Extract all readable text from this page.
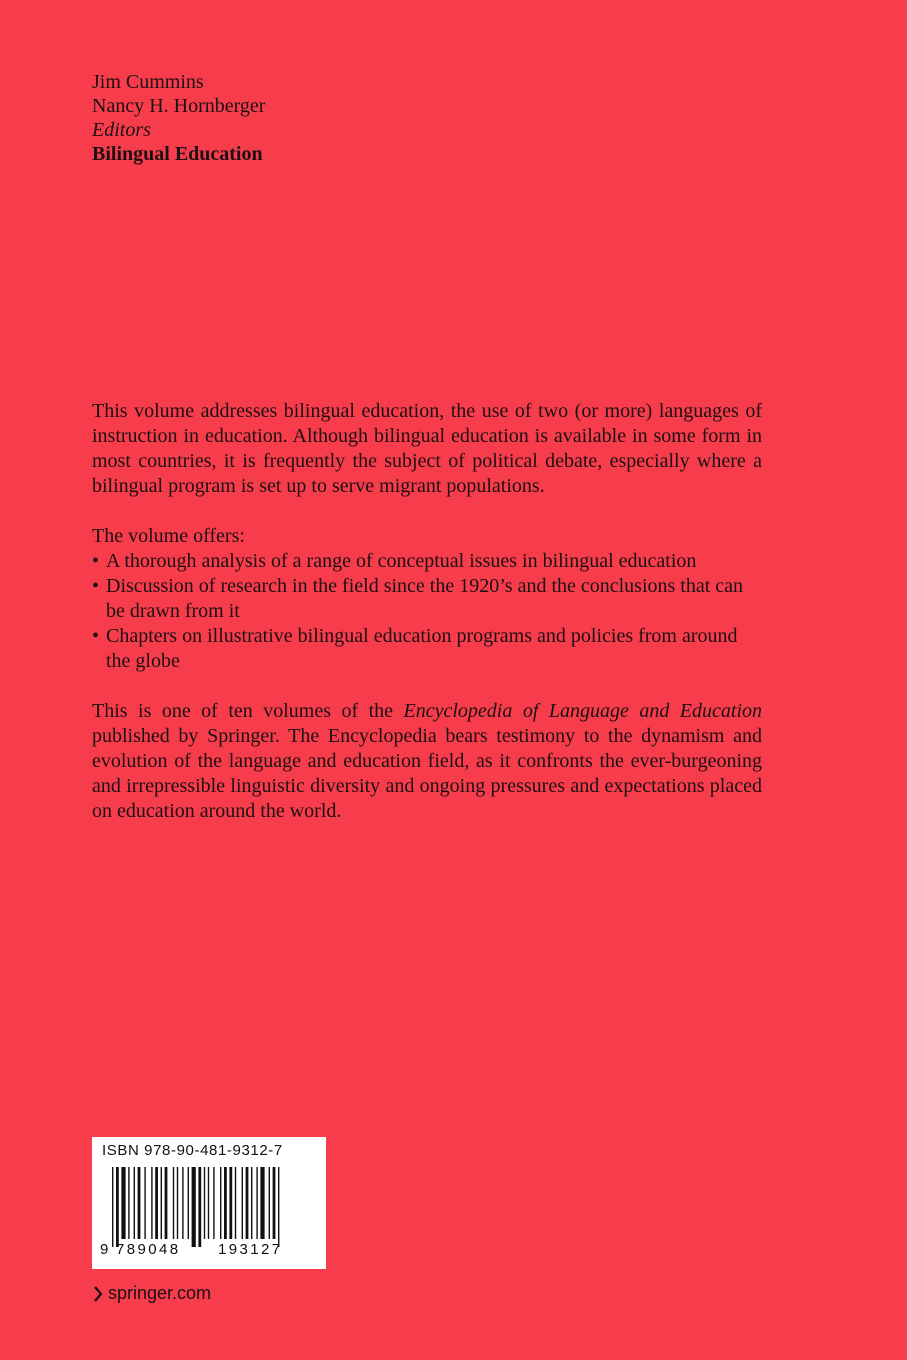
Jim Cummins
Nancy H. Hornberger
Editors
Bilingual Education

This volume addresses bilingual education, the use of two (or more) languages of instruction in education. Although bilingual education is available in some form in most countries, it is frequently the subject of political debate, especially where a bilingual program is set up to serve migrant populations.

The volume offers:

• A thorough analysis of a range of conceptual issues in bilingual education
• Discussion of research in the field since the 1920’s and the conclusions that can be drawn from it
• Chapters on illustrative bilingual education programs and policies from around the globe

This is one of ten volumes of the Encyclopedia of Language and Education published by Springer. The Encyclopedia bears testimony to the dynamism and evolution of the language and education field, as it confronts the ever-burgeoning and irrepressible linguistic diversity and ongoing pressures and expectations placed on education around the world.

ISBN 978-90-481-9312-7
9 789048	193127
springer.com
